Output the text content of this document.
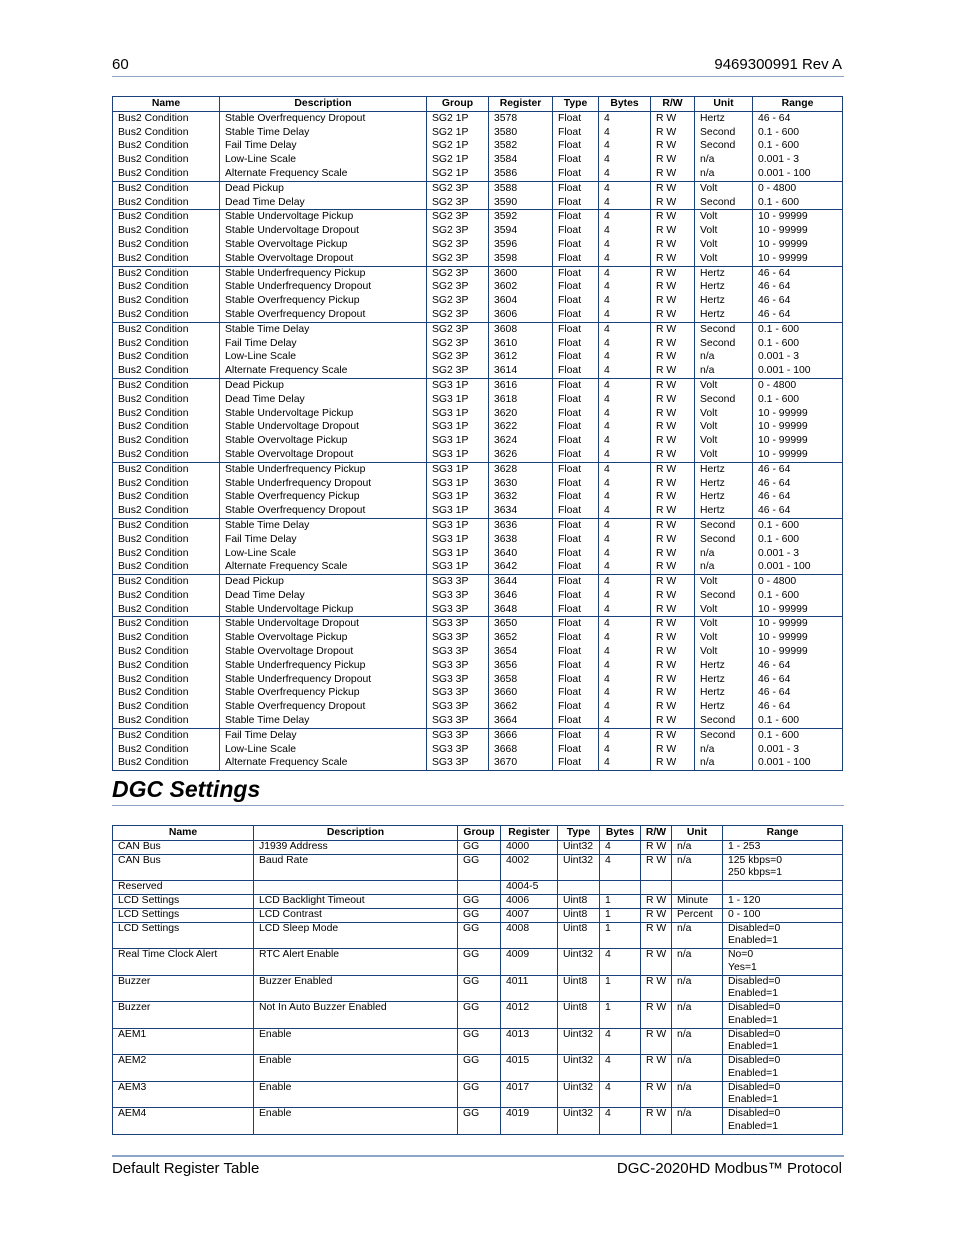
60	9469300991 Rev A
Name	Description	Group	Register	Type	Bytes	R/W	Unit	Range
Bus2 Condition	Stable Overfrequency Dropout	SG2 1P	3578	Float	4	R W	Hertz	46 - 64
Bus2 Condition	Stable Time Delay	SG2 1P	3580	Float	4	R W	Second	0.1 - 600
Bus2 Condition	Fail Time Delay	SG2 1P	3582	Float	4	R W	Second	0.1 - 600
Bus2 Condition	Low-Line Scale	SG2 1P	3584	Float	4	R W	n/a	0.001 - 3
Bus2 Condition	Alternate Frequency Scale	SG2 1P	3586	Float	4	R W	n/a	0.001 - 100
Bus2 Condition	Dead Pickup	SG2 3P	3588	Float	4	R W	Volt	0 - 4800
Bus2 Condition	Dead Time Delay	SG2 3P	3590	Float	4	R W	Second	0.1 - 600
Bus2 Condition	Stable Undervoltage Pickup	SG2 3P	3592	Float	4	R W	Volt	10 - 99999
Bus2 Condition	Stable Undervoltage Dropout	SG2 3P	3594	Float	4	R W	Volt	10 - 99999
Bus2 Condition	Stable Overvoltage Pickup	SG2 3P	3596	Float	4	R W	Volt	10 - 99999
Bus2 Condition	Stable Overvoltage Dropout	SG2 3P	3598	Float	4	R W	Volt	10 - 99999
Bus2 Condition	Stable Underfrequency Pickup	SG2 3P	3600	Float	4	R W	Hertz	46 - 64
Bus2 Condition	Stable Underfrequency Dropout	SG2 3P	3602	Float	4	R W	Hertz	46 - 64
Bus2 Condition	Stable Overfrequency Pickup	SG2 3P	3604	Float	4	R W	Hertz	46 - 64
Bus2 Condition	Stable Overfrequency Dropout	SG2 3P	3606	Float	4	R W	Hertz	46 - 64
Bus2 Condition	Stable Time Delay	SG2 3P	3608	Float	4	R W	Second	0.1 - 600
Bus2 Condition	Fail Time Delay	SG2 3P	3610	Float	4	R W	Second	0.1 - 600
Bus2 Condition	Low-Line Scale	SG2 3P	3612	Float	4	R W	n/a	0.001 - 3
Bus2 Condition	Alternate Frequency Scale	SG2 3P	3614	Float	4	R W	n/a	0.001 - 100
Bus2 Condition	Dead Pickup	SG3 1P	3616	Float	4	R W	Volt	0 - 4800
Bus2 Condition	Dead Time Delay	SG3 1P	3618	Float	4	R W	Second	0.1 - 600
Bus2 Condition	Stable Undervoltage Pickup	SG3 1P	3620	Float	4	R W	Volt	10 - 99999
Bus2 Condition	Stable Undervoltage Dropout	SG3 1P	3622	Float	4	R W	Volt	10 - 99999
Bus2 Condition	Stable Overvoltage Pickup	SG3 1P	3624	Float	4	R W	Volt	10 - 99999
Bus2 Condition	Stable Overvoltage Dropout	SG3 1P	3626	Float	4	R W	Volt	10 - 99999
Bus2 Condition	Stable Underfrequency Pickup	SG3 1P	3628	Float	4	R W	Hertz	46 - 64
Bus2 Condition	Stable Underfrequency Dropout	SG3 1P	3630	Float	4	R W	Hertz	46 - 64
Bus2 Condition	Stable Overfrequency Pickup	SG3 1P	3632	Float	4	R W	Hertz	46 - 64
Bus2 Condition	Stable Overfrequency Dropout	SG3 1P	3634	Float	4	R W	Hertz	46 - 64
Bus2 Condition	Stable Time Delay	SG3 1P	3636	Float	4	R W	Second	0.1 - 600
Bus2 Condition	Fail Time Delay	SG3 1P	3638	Float	4	R W	Second	0.1 - 600
Bus2 Condition	Low-Line Scale	SG3 1P	3640	Float	4	R W	n/a	0.001 - 3
Bus2 Condition	Alternate Frequency Scale	SG3 1P	3642	Float	4	R W	n/a	0.001 - 100
Bus2 Condition	Dead Pickup	SG3 3P	3644	Float	4	R W	Volt	0 - 4800
Bus2 Condition	Dead Time Delay	SG3 3P	3646	Float	4	R W	Second	0.1 - 600
Bus2 Condition	Stable Undervoltage Pickup	SG3 3P	3648	Float	4	R W	Volt	10 - 99999
Bus2 Condition	Stable Undervoltage Dropout	SG3 3P	3650	Float	4	R W	Volt	10 - 99999
Bus2 Condition	Stable Overvoltage Pickup	SG3 3P	3652	Float	4	R W	Volt	10 - 99999
Bus2 Condition	Stable Overvoltage Dropout	SG3 3P	3654	Float	4	R W	Volt	10 - 99999
Bus2 Condition	Stable Underfrequency Pickup	SG3 3P	3656	Float	4	R W	Hertz	46 - 64
Bus2 Condition	Stable Underfrequency Dropout	SG3 3P	3658	Float	4	R W	Hertz	46 - 64
Bus2 Condition	Stable Overfrequency Pickup	SG3 3P	3660	Float	4	R W	Hertz	46 - 64
Bus2 Condition	Stable Overfrequency Dropout	SG3 3P	3662	Float	4	R W	Hertz	46 - 64
Bus2 Condition	Stable Time Delay	SG3 3P	3664	Float	4	R W	Second	0.1 - 600
Bus2 Condition	Fail Time Delay	SG3 3P	3666	Float	4	R W	Second	0.1 - 600
Bus2 Condition	Low-Line Scale	SG3 3P	3668	Float	4	R W	n/a	0.001 - 3
Bus2 Condition	Alternate Frequency Scale	SG3 3P	3670	Float	4	R W	n/a	0.001 - 100
DGC Settings
Name	Description	Group	Register	Type	Bytes	R/W	Unit	Range

CAN Bus	J1939 Address	GG	4000	Uint32	4	R W	n/a	1 - 253

CAN Bus	Baud Rate	GG	4002	Uint32	4	R W	n/a	125 kbps=0
250 kbps=1

Reserved			4004-5					

LCD Settings	LCD Backlight Timeout	GG	4006	Uint8	1	R W	Minute	1 - 120

LCD Settings	LCD Contrast	GG	4007	Uint8	1	R W	Percent	0 - 100

LCD Settings	LCD Sleep Mode	GG	4008	Uint8	1	R W	n/a	Disabled=0
Enabled=1

Real Time Clock Alert	RTC Alert Enable	GG	4009	Uint32	4	R W	n/a	No=0
Yes=1

Buzzer	Buzzer Enabled	GG	4011	Uint8	1	R W	n/a	Disabled=0
Enabled=1

Buzzer	Not In Auto Buzzer Enabled	GG	4012	Uint8	1	R W	n/a	Disabled=0
Enabled=1

AEM1	Enable	GG	4013	Uint32	4	R W	n/a	Disabled=0
Enabled=1

AEM2	Enable	GG	4015	Uint32	4	R W	n/a	Disabled=0
Enabled=1

AEM3	Enable	GG	4017	Uint32	4	R W	n/a	Disabled=0
Enabled=1

AEM4	Enable	GG	4019	Uint32	4	R W	n/a	Disabled=0
Enabled=1
Default Register Table	DGC-2020HD Modbus™ Protocol
